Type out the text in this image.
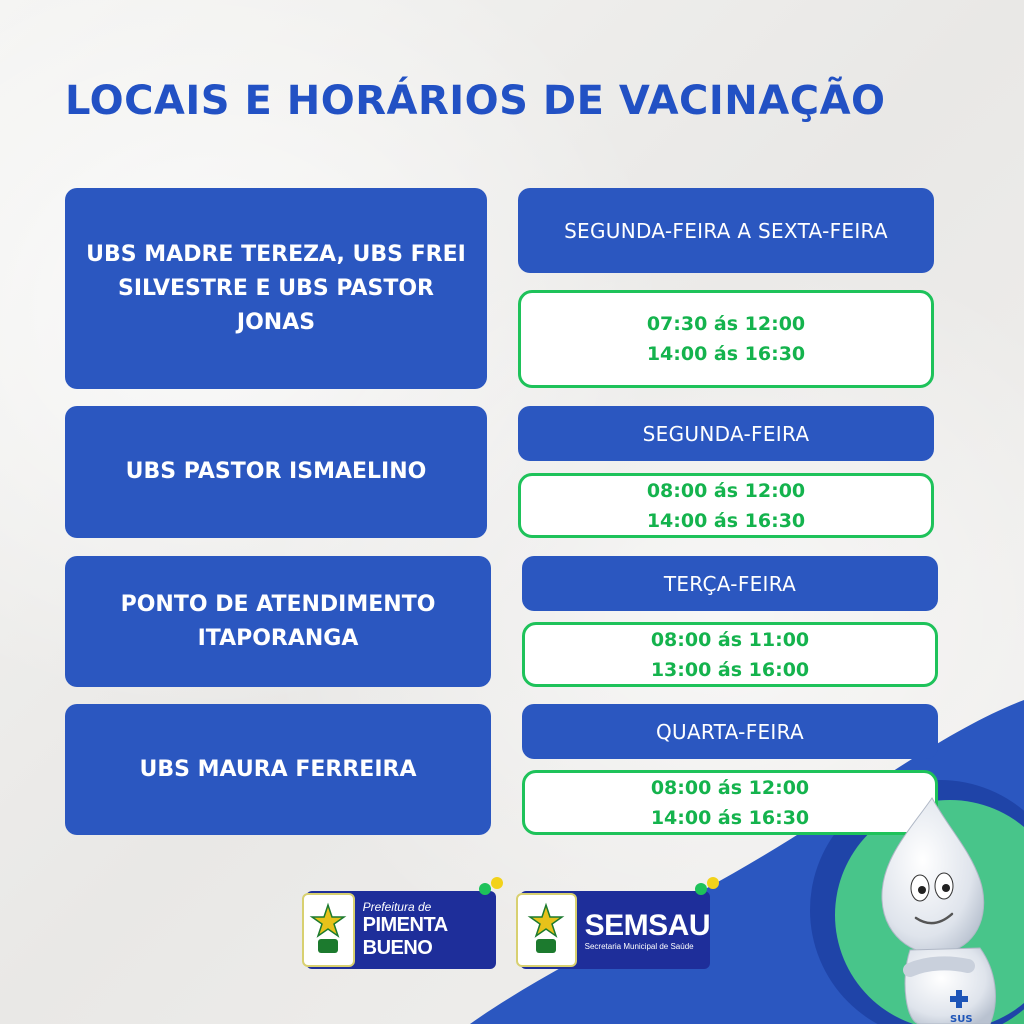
LOCAIS E HORÁRIOS DE VACINAÇÃO
UBS MADRE TEREZA, UBS FREI SILVESTRE E UBS PASTOR JONAS
SEGUNDA-FEIRA A SEXTA-FEIRA
07:30 ás 12:00
14:00 ás 16:30
UBS PASTOR ISMAELINO
SEGUNDA-FEIRA
08:00 ás 12:00
14:00 ás 16:30
PONTO DE ATENDIMENTO ITAPORANGA
TERÇA-FEIRA
08:00 ás 11:00
13:00 ás 16:00
UBS MAURA FERREIRA
QUARTA-FEIRA
08:00 ás 12:00
14:00 ás 16:30
Prefeitura de
PIMENTA BUENO
SEMSAU
Secretaria Municipal de Saúde
SUS
